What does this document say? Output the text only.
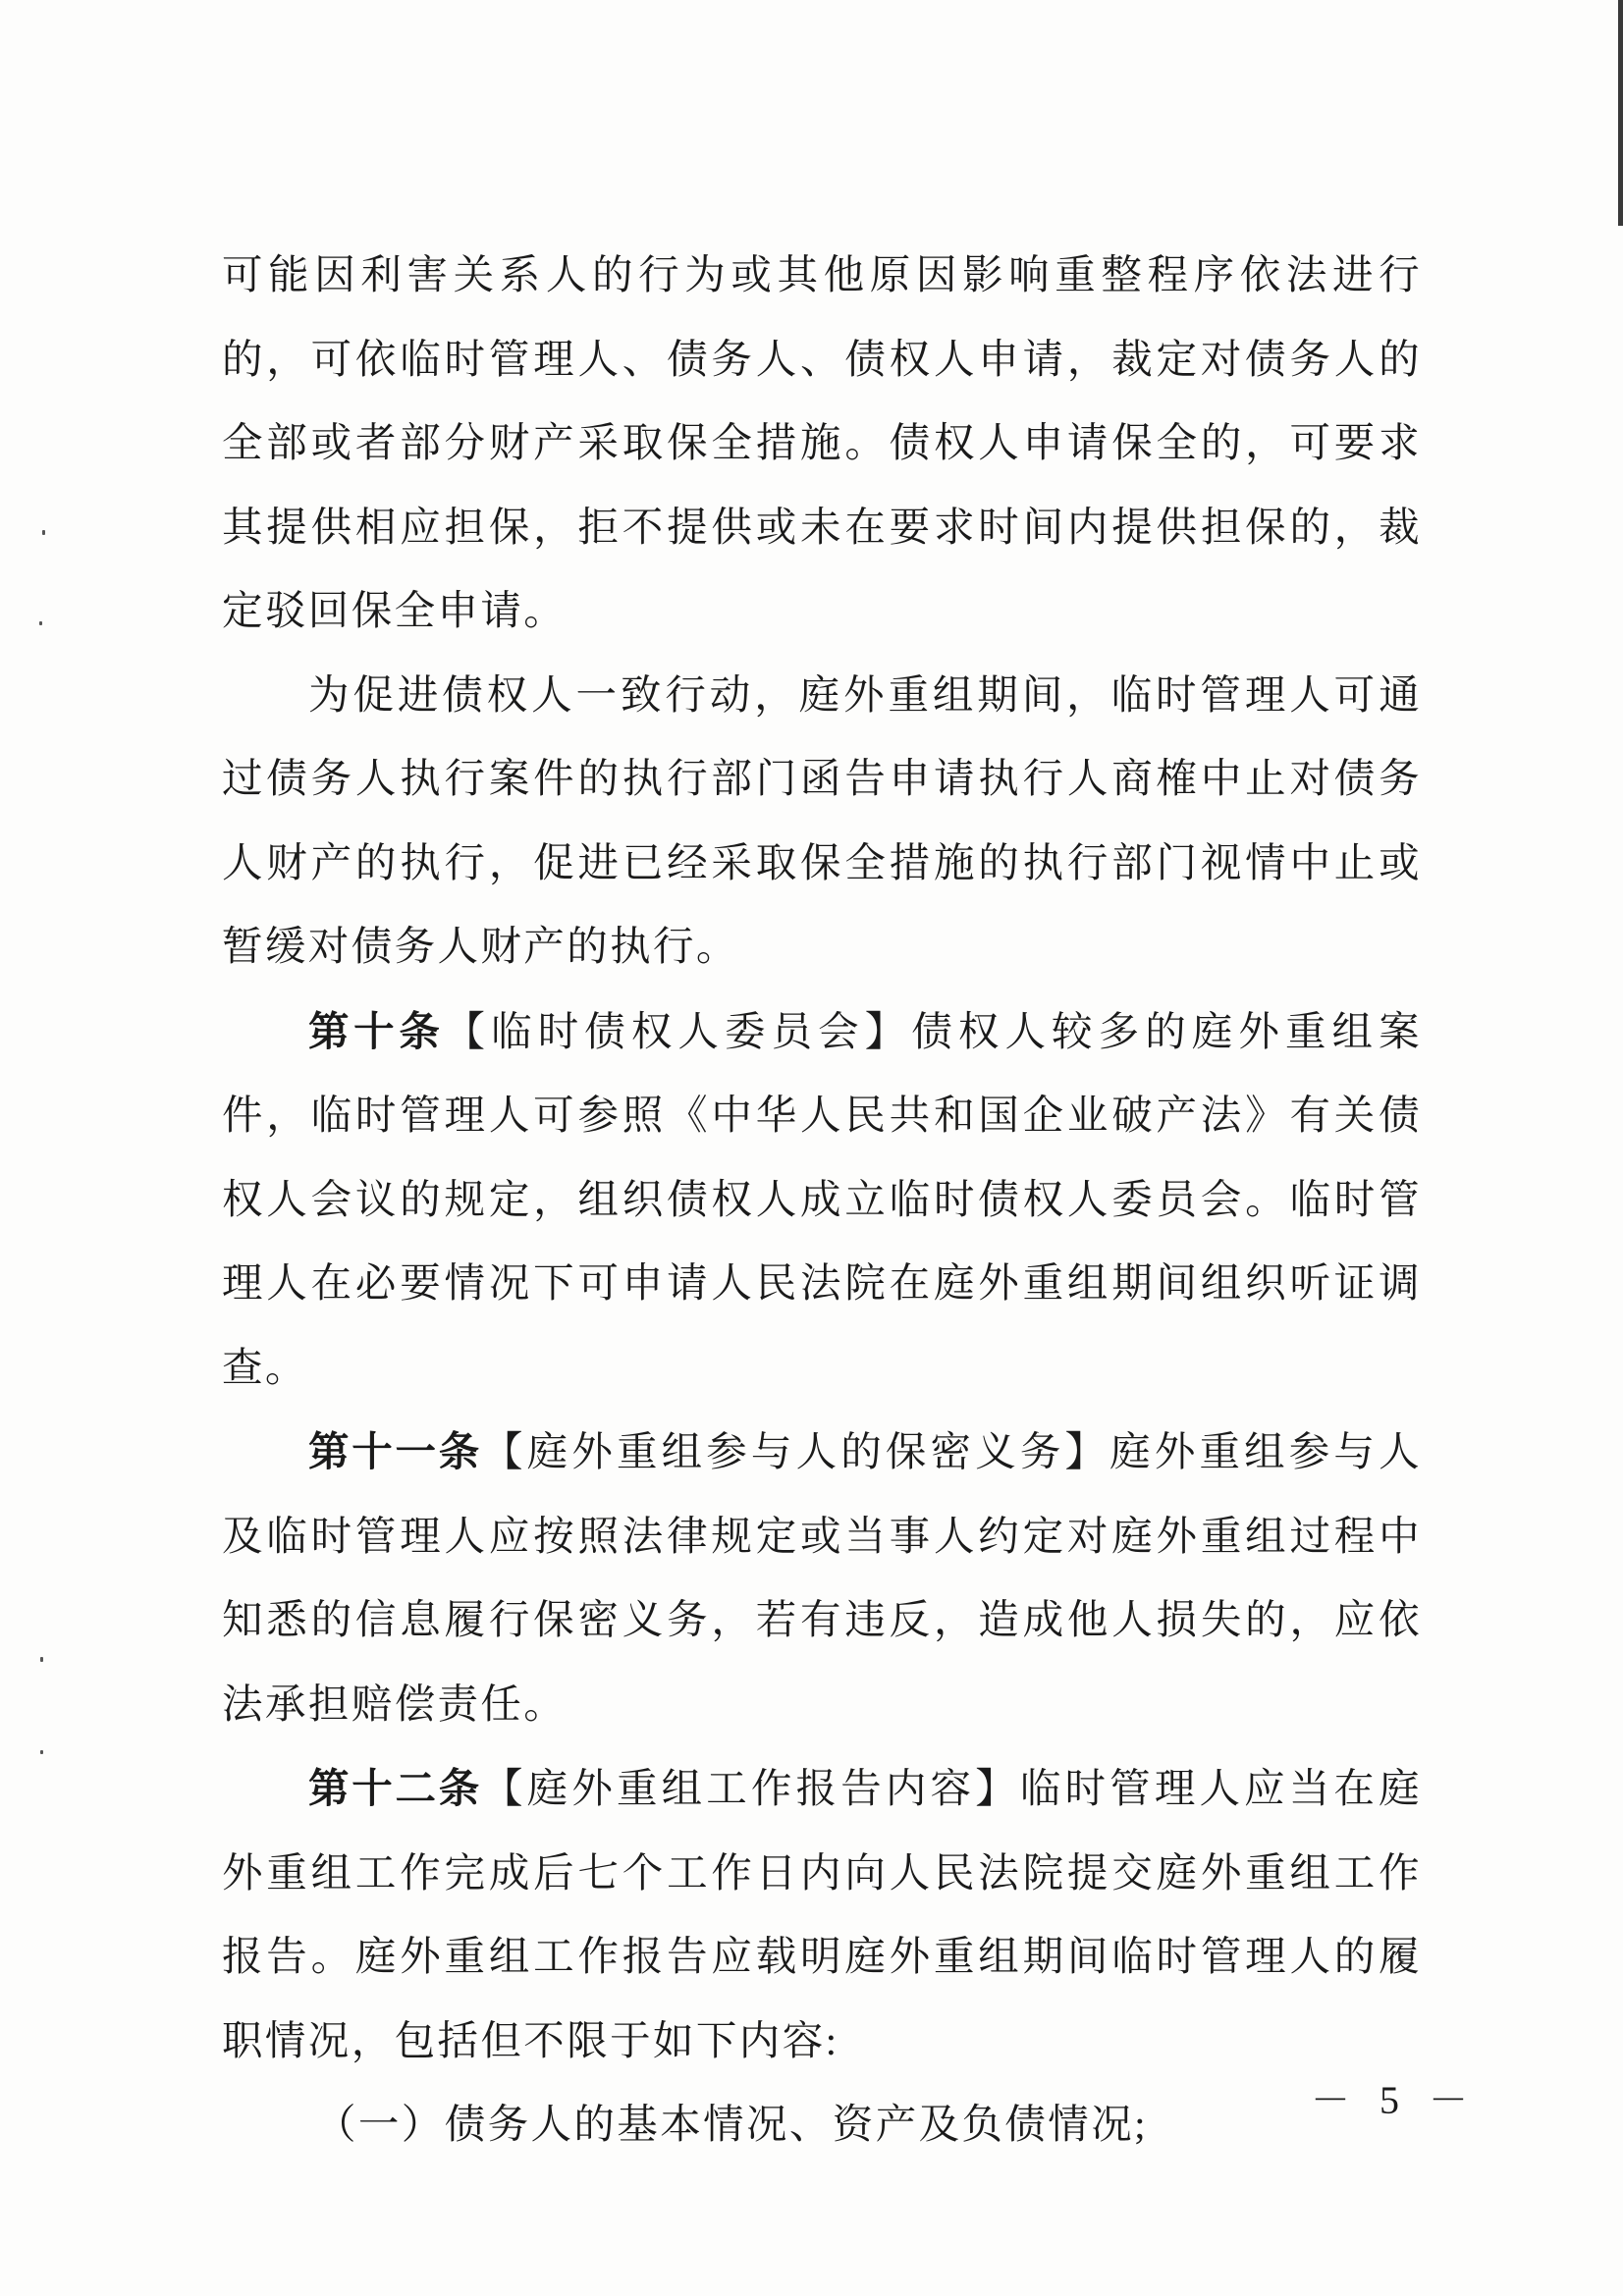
可能因利害关系人的行为或其他原因影响重整程序依法进行的，可依临时管理人、债务人、债权人申请，裁定对债务人的全部或者部分财产采取保全措施。债权人申请保全的，可要求其提供相应担保，拒不提供或未在要求时间内提供担保的，裁定驳回保全申请。

为促进债权人一致行动，庭外重组期间，临时管理人可通过债务人执行案件的执行部门函告申请执行人商榷中止对债务人财产的执行，促进已经采取保全措施的执行部门视情中止或暂缓对债务人财产的执行。

第十条【临时债权人委员会】债权人较多的庭外重组案件，临时管理人可参照《中华人民共和国企业破产法》有关债权人会议的规定，组织债权人成立临时债权人委员会。临时管理人在必要情况下可申请人民法院在庭外重组期间组织听证调查。

第十一条【庭外重组参与人的保密义务】庭外重组参与人及临时管理人应按照法律规定或当事人约定对庭外重组过程中知悉的信息履行保密义务，若有违反，造成他人损失的，应依法承担赔偿责任。

第十二条【庭外重组工作报告内容】临时管理人应当在庭外重组工作完成后七个工作日内向人民法院提交庭外重组工作报告。庭外重组工作报告应载明庭外重组期间临时管理人的履职情况，包括但不限于如下内容:

（一）债务人的基本情况、资产及负债情况;

－ 5 －
